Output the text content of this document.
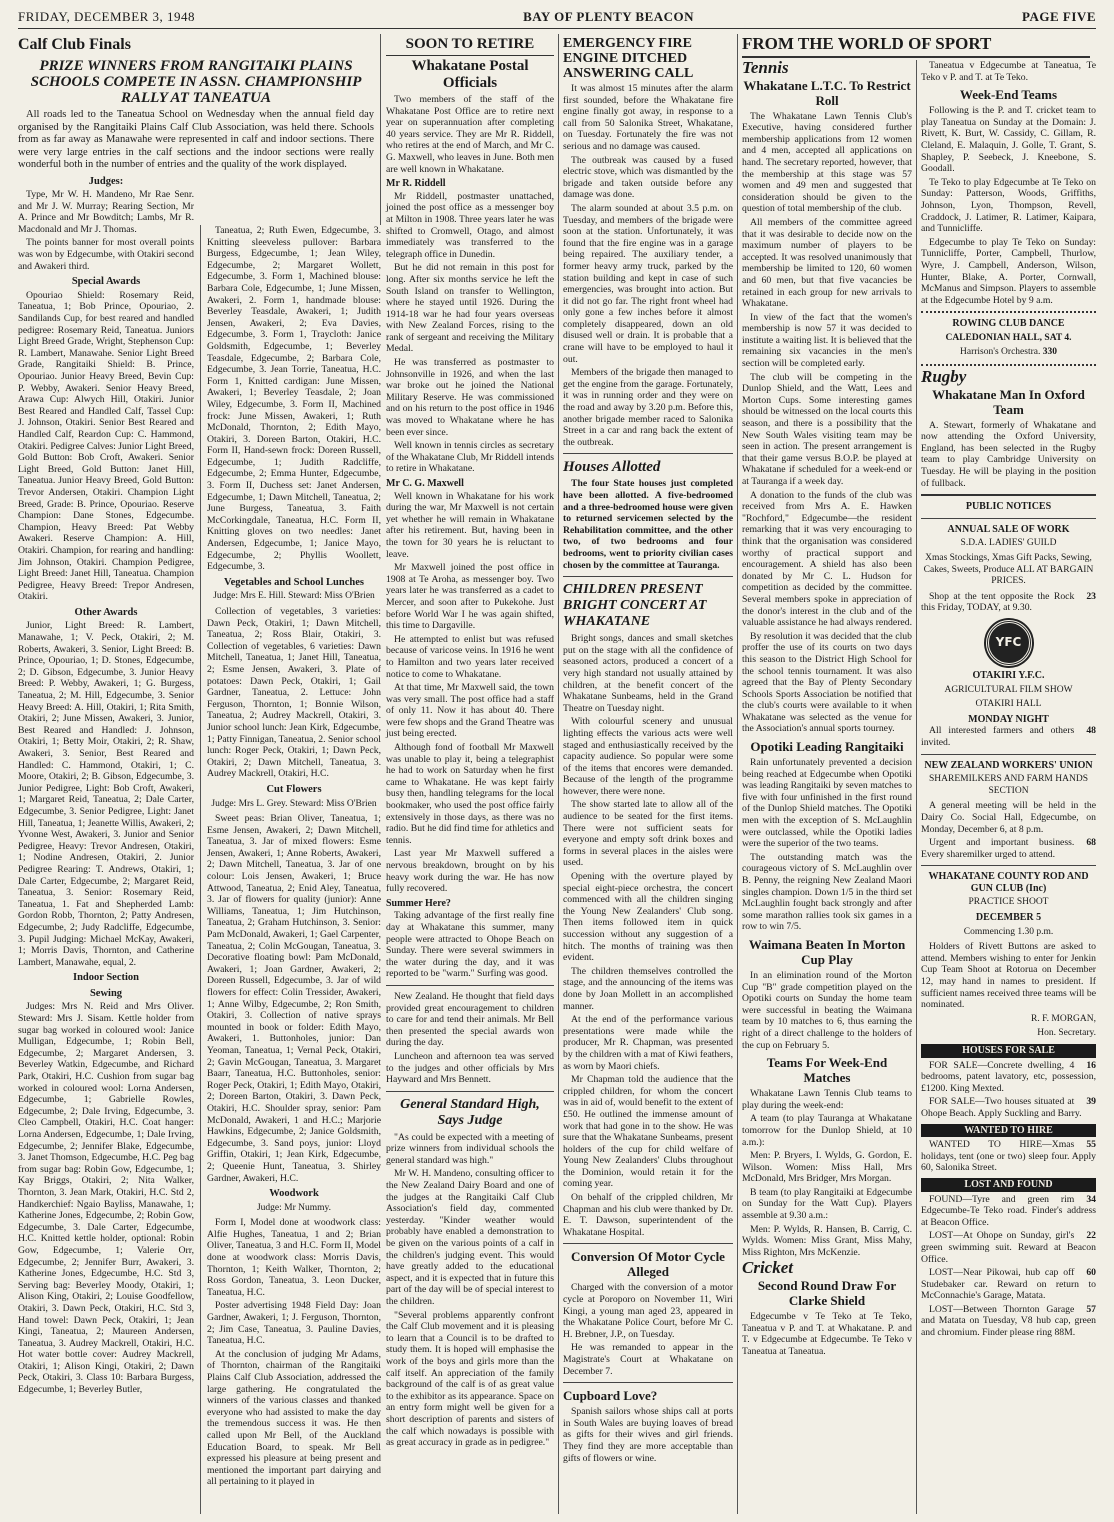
FRIDAY, DECEMBER 3, 1948	BAY OF PLENTY BEACON	PAGE FIVE
Calf Club Finals
PRIZE WINNERS FROM RANGITAIKI PLAINS SCHOOLS COMPETE IN ASSN. CHAMPIONSHIP RALLY AT TANEATUA

All roads led to the Taneatua School on Wednesday when the annual field day organised by the Rangitaiki Plains Calf Club Association, was held there. Schools from as far away as Manawahe were represented in calf and indoor sections. There were very large entries in the calf sections and the indoor sections were really wonderful both in the number of entries and the quality of the work displayed.

Judges:

Type, Mr W. H. Mandeno, Mr Rae Senr. and Mr J. W. Murray; Rearing Section, Mr A. Prince and Mr Bowditch; Lambs, Mr R. Macdonald and Mr J. Thomas.

The points banner for most overall points was won by Edgecumbe, with Otakiri second and Awakeri third.

Special Awards

Opouriao Shield: Rosemary Reid, Taneatua, 1; Bob Prince, Opouriao, 2. Sandilands Cup, for best reared and handled pedigree: Rosemary Reid, Taneatua. Juniors Light Breed Grade, Wright, Stephenson Cup: R. Lambert, Manawahe. Senior Light Breed Grade, Rangitaiki Shield: B. Prince, Opouriao. Junior Heavy Breed, Bevin Cup: P. Webby, Awakeri. Senior Heavy Breed, Arawa Cup: Alwych Hill, Otakiri. Junior Best Reared and Handled Calf, Tassel Cup: J. Johnson, Otakiri. Senior Best Reared and Handled Calf, Reardon Cup: C. Hammond, Otakiri. Pedigree Calves: Junior Light Breed, Gold Button: Bob Croft, Awakeri. Senior Light Breed, Gold Button: Janet Hill, Taneatua. Junior Heavy Breed, Gold Button: Trevor Andersen, Otakiri. Champion Light Breed, Grade: B. Prince, Opouriao. Reserve Champion: Dane Stones, Edgecumbe. Champion, Heavy Breed: Pat Webby Awakeri. Reserve Champion: A. Hill, Otakiri. Champion, for rearing and handling: Jim Johnson, Otakiri. Champion Pedigree, Light Breed: Janet Hill, Taneatua. Champion Pedigree, Heavy Breed: Trepor Andresen, Otakiri.

Other Awards

Junior, Light Breed: R. Lambert, Manawahe, 1; V. Peck, Otakiri, 2; M. Roberts, Awakeri, 3. Senior, Light Breed: B. Prince, Opouriao, 1; D. Stones, Edgecumbe, 2; D. Gibson, Edgecumbe, 3. Junior Heavy Breed: P. Webby, Awakeri, 1; G. Burgess, Taneatua, 2; M. Hill, Edgecumbe, 3. Senior Heavy Breed: A. Hill, Otakiri, 1; Rita Smith, Otakiri, 2; June Missen, Awakeri, 3. Junior, Best Reared and Handled: J. Johnson, Otakiri, 1; Betty Moir, Otakiri, 2; R. Shaw, Awakeri, 3. Senior, Best Reared and Handled: C. Hammond, Otakiri, 1; C. Moore, Otakiri, 2; B. Gibson, Edgecumbe, 3. Junior Pedigree, Light: Bob Croft, Awakeri, 1; Margaret Reid, Taneatua, 2; Dale Carter, Edgecumbe, 3. Senior Pedigree, Light: Janet Hill, Taneatua, 1; Jeanette Willis, Awakeri, 2; Yvonne West, Awakeri, 3. Junior and Senior Pedigree, Heavy: Trevor Andresen, Otakiri, 1; Nodine Andresen, Otakiri, 2. Junior Pedigree Rearing: T. Andrews, Otakiri, 1; Dale Carter, Edgecumbe, 2; Margaret Reid, Taneatua, 3. Senior: Rosemary Reid, Taneatua, 1. Fat and Shepherded Lamb: Gordon Robb, Thornton, 2; Patty Andresen, Edgecumbe, 2; Judy Radcliffe, Edgecumbe, 3. Pupil Judging: Michael McKay, Awakeri, 1; Morris Davis, Thornton, and Catherine Lambert, Manawahe, equal, 2.

Indoor Section
Sewing

Judges: Mrs N. Reid and Mrs Oliver. Steward: Mrs J. Sisam. Kettle holder from sugar bag worked in coloured wool: Janice Mulligan, Edgecumbe, 1; Robin Bell, Edgecumbe, 2; Margaret Andersen, 3. Beverley Watkin, Edgecumbe, and Richard Park, Otakiri, H.C. Cushion from sugar bag worked in coloured wool: Lorna Andersen, Edgecumbe, 1; Gabrielle Rowles, Edgecumbe, 2; Dale Irving, Edgecumbe, 3. Cleo Campbell, Otakiri, H.C. Coat hanger: Lorna Andersen, Edgecumbe, 1; Dale Irving, Edgecumbe, 2; Jennifer Blake, Edgecumbe, 3. Janet Thomson, Edgecumbe, H.C. Peg bag from sugar bag: Robin Gow, Edgecumbe, 1; Kay Briggs, Otakiri, 2; Nita Walker, Thornton, 3. Jean Mark, Otakiri, H.C. Std 2, Handkerchief: Ngaio Bayliss, Manawahe, 1; Katherine Jones, Edgecumbe, 2; Robin Gow, Edgecumbe, 3. Dale Carter, Edgecumbe, H.C. Knitted kettle holder, optional: Robin Gow, Edgecumbe, 1; Valerie Orr, Edgecumbe, 2; Jennifer Burr, Awakeri, 3. Katherine Jones, Edgecumbe, H.C. Std 3, Serving bag: Beverley Moody, Otakiri, 1; Alison King, Otakiri, 2; Louise Goodfellow, Otakiri, 3. Dawn Peck, Otakiri, H.C. Std 3, Hand towel: Dawn Peck, Otakiri, 1; Jean Kingi, Taneatua, 2; Maureen Andersen, Taneatua, 3. Audrey Mackrell, Otakiri, H.C. Hot water bottle cover: Audrey Mackrell, Otakiri, 1; Alison Kingi, Otakiri, 2; Dawn Peck, Otakiri, 3. Class 10: Barbara Burgess, Edgecumbe, 1; Beverley Butler,

SOON TO RETIRE
Whakatane Postal Officials

Two members of the staff of the Whakatane Post Office are to retire next year on superannuation after completing 40 years service. They are Mr R. Riddell, who retires at the end of March, and Mr C. G. Maxwell, who leaves in June. Both men are well known in Whakatane.

Mr R. Riddell

Mr Riddell, postmaster unattached, joined the post office as a messenger boy at Milton in 1908. Three years later he was shifted to Cromwell, Otago, and almost immediately was transferred to the telegraph office in Dunedin.

But he did not remain in this post for long. After six months service he left the South Island on transfer to Wellington, where he stayed until 1926. During the 1914-18 war he had four years overseas with New Zealand Forces, rising to the rank of sergeant and receiving the Military Medal.

He was transferred as postmaster to Johnsonville in 1926, and when the last war broke out he joined the National Military Reserve. He was commissioned and on his return to the post office in 1946 was moved to Whakatane where he has been ever since.

Well known in tennis circles as secretary of the Whakatane Club, Mr Riddell intends to retire in Whakatane.

Mr C. G. Maxwell

Well known in Whakatane for his work during the war, Mr Maxwell is not certain yet whether he will remain in Whakatane after his retirement. But, having been in the town for 30 years he is reluctant to leave.

Mr Maxwell joined the post office in 1908 at Te Aroha, as messenger boy. Two years later he was transferred as a cadet to Mercer, and soon after to Pukekohe. Just before World War I he was again shifted, this time to Dargaville.

He attempted to enlist but was refused because of varicose veins. In 1916 he went to Hamilton and two years later received notice to come to Whakatane.

At that time, Mr Maxwell said, the town was very small. The post office had a staff of only 11. Now it has about 40. There were few shops and the Grand Theatre was just being erected.

Although fond of football Mr Maxwell was unable to play it, being a telegraphist he had to work on Saturday when he first came to Whakatane. He was kept fairly busy then, handling telegrams for the local bookmaker, who used the post office fairly extensively in those days, as there was no radio. But he did find time for athletics and tennis.

Last year Mr Maxwell suffered a nervous breakdown, brought on by his heavy work during the war. He has now fully recovered.

Summer Here?

Taking advantage of the first really fine day at Whakatane this summer, many people were attracted to Ohope Beach on Sunday. There were several swimmers in the water during the day, and it was reported to be "warm." Surfing was good.

New Zealand. He thought that field days provided great encouragement to children to care for and tend their animals. Mr Bell then presented the special awards won during the day.

Luncheon and afternoon tea was served to the judges and other officials by Mrs Hayward and Mrs Bennett.

General Standard High, Says Judge

"As could be expected with a meeting of prize winners from individual schools the general standard was high."

Mr W. H. Mandeno, consulting officer to the New Zealand Dairy Board and one of the judges at the Rangitaiki Calf Club Association's field day, commented yesterday. "Kinder weather would probably have enabled a demonstration to be given on the various points of a calf in the children's judging event. This would have greatly added to the educational aspect, and it is expected that in future this part of the day will be of special interest to the children.

"Several problems apparently confront the Calf Club movement and it is pleasing to learn that a Council is to be drafted to study them. It is hoped will emphasise the work of the boys and girls more than the calf itself. An appreciation of the family background of the calf is of as great value to the exhibitor as its appearance. Space on an entry form might well be given for a short description of parents and sisters of the calf which nowadays is possible with as great accuracy in grade as in pedigree."

EMERGENCY FIRE ENGINE DITCHED ANSWERING CALL

It was almost 15 minutes after the alarm first sounded, before the Whakatane fire engine finally got away, in response to a call from 50 Salonika Street, Whakatane, on Tuesday. Fortunately the fire was not serious and no damage was caused.

The outbreak was caused by a fused electric stove, which was dismantled by the brigade and taken outside before any damage was done.

The alarm sounded at about 3.5 p.m. on Tuesday, and members of the brigade were soon at the station. Unfortunately, it was found that the fire engine was in a garage being repaired. The auxiliary tender, a former heavy army truck, parked by the station building and kept in case of such emergencies, was brought into action. But it did not go far. The right front wheel had only gone a few inches before it almost completely disappeared, down an old disused well or drain. It is probable that a crane will have to be employed to haul it out.

Members of the brigade then managed to get the engine from the garage. Fortunately, it was in running order and they were on the road and away by 3.20 p.m. Before this, another brigade member raced to Salonika Street in a car and rang back the extent of the outbreak.

Houses Allotted

The four State houses just completed have been allotted. A five-bedroomed and a three-bedroomed house were given to returned servicemen selected by the Rehabilitation committee, and the other two, of two bedrooms and four bedrooms, went to priority civilian cases chosen by the committee at Tauranga.

CHILDREN PRESENT BRIGHT CONCERT AT WHAKATANE

Bright songs, dances and small sketches put on the stage with all the confidence of seasoned actors, produced a concert of a very high standard not usually attained by children, at the benefit concert of the Whakatane Sunbeams, held in the Grand Theatre on Tuesday night.

With colourful scenery and unusual lighting effects the various acts were well staged and enthusiastically received by the capacity audience. So popular were some of the items that encores were demanded. Because of the length of the programme however, there were none.

The show started late to allow all of the audience to be seated for the first items. There were not sufficient seats for everyone and empty soft drink boxes and forms in several places in the aisles were used.

Opening with the overture played by special eight-piece orchestra, the concert commenced with all the children singing the Young New Zealanders' Club song. Then items followed item in quick succession without any suggestion of a hitch. The months of training was then evident.

The children themselves controlled the stage, and the announcing of the items was done by Joan Mollett in an accomplished manner.

At the end of the performance various presentations were made while the producer, Mr R. Chapman, was presented by the children with a mat of Kiwi feathers, as worn by Maori chiefs.

Mr Chapman told the audience that the crippled children, for whom the concert was in aid of, would benefit to the extent of £50. He outlined the immense amount of work that had gone in to the show. He was sure that the Whakatane Sunbeams, present holders of the cup for child welfare of Young New Zealanders' Clubs throughout the Dominion, would retain it for the coming year.

On behalf of the crippled children, Mr Chapman and his club were thanked by Dr. E. T. Dawson, superintendent of the Whakatane Hospital.

Conversion Of Motor Cycle Alleged

Charged with the conversion of a motor cycle at Poroporo on November 11, Wiri Kingi, a young man aged 23, appeared in the Whakatane Police Court, before Mr C. H. Brebner, J.P., on Tuesday.

He was remanded to appear in the Magistrate's Court at Whakatane on December 7.

Cupboard Love?

Spanish sailors whose ships call at ports in South Wales are buying loaves of bread as gifts for their wives and girl friends. They find they are more acceptable than gifts of flowers or wine.

FROM THE WORLD OF SPORT
Tennis
Whakatane L.T.C. To Restrict Roll

The Whakatane Lawn Tennis Club's Executive, having considered further membership applications from 12 women and 4 men, accepted all applications on hand. The secretary reported, however, that the membership at this stage was 57 women and 49 men and suggested that consideration should be given to the question of total membership of the club.

All members of the committee agreed that it was desirable to decide now on the maximum number of players to be accepted. It was resolved unanimously that membership be limited to 120, 60 women and 60 men, but that five vacancies be retained in each group for new arrivals to Whakatane.

In view of the fact that the women's membership is now 57 it was decided to institute a waiting list. It is believed that the remaining six vacancies in the men's section will be completed early.

The club will be competing in the Dunlop Shield, and the Watt, Lees and Morton Cups. Some interesting games should be witnessed on the local courts this season, and there is a possibility that the New South Wales visiting team may be seen in action. The present arrangement is that their game versus B.O.P. be played at Whakatane if scheduled for a week-end or at Tauranga if a week day.

A donation to the funds of the club was received from Mrs A. E. Hawken "Rochford," Edgecumbe—the resident remarking that it was very encouraging to think that the organisation was considered worthy of practical support and encouragement. A shield has also been donated by Mr C. L. Hudson for competition as decided by the committee. Several members spoke in appreciation of the donor's interest in the club and of the valuable assistance he had always rendered.

By resolution it was decided that the club proffer the use of its courts on two days this season to the District High School for the school tennis tournament. It was also agreed that the Bay of Plenty Secondary Schools Sports Association be notified that the club's courts were available to it when Whakatane was selected as the venue for the Association's annual sports tourney.

Opotiki Leading Rangitaiki

Rain unfortunately prevented a decision being reached at Edgecumbe when Opotiki was leading Rangitaiki by seven matches to five with four unfinished in the first round of the Dunlop Shield matches. The Opotiki men with the exception of S. McLaughlin were outclassed, while the Opotiki ladies were the superior of the two teams.

The outstanding match was the courageous victory of S. McLaughlin over B. Penny, the reigning New Zealand Maori singles champion. Down 1/5 in the third set McLaughlin fought back strongly and after some marathon rallies took six games in a row to win 7/5.

Waimana Beaten In Morton Cup Play

In an elimination round of the Morton Cup "B" grade competition played on the Opotiki courts on Sunday the home team were successful in beating the Waimana team by 10 matches to 6, thus earning the right of a direct challenge to the holders of the cup on February 5.

Teams For Week-End Matches

Whakatane Lawn Tennis Club teams to play during the week-end:

A team (to play Tauranga at Whakatane tomorrow for the Dunlop Shield, at 10 a.m.):

Men: P. Bryers, I. Wylds, G. Gordon, E. Wilson. Women: Miss Hall, Mrs McDonald, Mrs Bridger, Mrs Morgan.

B team (to play Rangitaiki at Edgecumbe on Sunday for the Watt Cup). Players assemble at 9.30 a.m.:

Men: P. Wylds, R. Hansen, B. Carrig, C. Wylds. Women: Miss Grant, Miss Mahy, Miss Righton, Mrs McKenzie.

Cricket
Second Round Draw For Clarke Shield

Edgecumbe v Te Teko at Te Teko, Taneatua v P. and T. at Whakatane. P. and T. v Edgecumbe at Edgecumbe. Te Teko v Taneatua at Taneatua.

Taneatua v Edgecumbe at Taneatua, Te Teko v P. and T. at Te Teko.

Week-End Teams

Following is the P. and T. cricket team to play Taneatua on Sunday at the Domain: J. Rivett, K. Burt, W. Cassidy, C. Gillam, R. Cleland, E. Malaquin, J. Golle, T. Grant, S. Shapley, P. Seebeck, J. Kneebone, S. Goodall.

Te Teko to play Edgecumbe at Te Teko on Sunday: Patterson, Woods, Griffiths, Johnson, Lyon, Thompson, Revell, Craddock, J. Latimer, R. Latimer, Kaipara, and Tunnicliffe.

Edgecumbe to play Te Teko on Sunday: Tunnicliffe, Porter, Campbell, Thurlow, Wyre, J. Campbell, Anderson, Wilson, Hunter, Blake, A. Porter, Cornwall, McManus and Simpson. Players to assemble at the Edgecumbe Hotel by 9 a.m.

ROWING CLUB DANCE
CALEDONIAN HALL, SAT 4.
Harrison's Orchestra. 330
Rugby
Whakatane Man In Oxford Team

A. Stewart, formerly of Whakatane and now attending the Oxford University, England, has been selected in the Rugby team to play Cambridge University on Tuesday. He will be playing in the position of fullback.

PUBLIC NOTICES
ANNUAL SALE OF WORK
S.D.A. LADIES' GUILD
Xmas Stockings, Xmas Gift Packs, Sewing, Cakes, Sweets, Produce ALL AT BARGAIN PRICES.

23
Shop at the tent opposite the Rock this Friday, TODAY, at 9.30.

YFC
OTAKIRI Y.F.C.
AGRICULTURAL FILM SHOW
OTAKIRI HALL
MONDAY NIGHT

48
All interested farmers and others invited.

NEW ZEALAND WORKERS' UNION
SHAREMILKERS AND FARM HANDS SECTION

A general meeting will be held in the Dairy Co. Social Hall, Edgecumbe, on Monday, December 6, at 8 p.m.

68
Urgent and important business. Every sharemilker urged to attend.

WHAKATANE COUNTY ROD AND GUN CLUB (Inc)
PRACTICE SHOOT
DECEMBER 5
Commencing 1.30 p.m.

Holders of Rivett Buttons are asked to attend. Members wishing to enter for Jenkin Cup Team Shoot at Rotorua on December 12, may hand in names to president. If sufficient names received three teams will be nominated.

R. F. MORGAN,
Hon. Secretary.
HOUSES FOR SALE

16
FOR SALE—Concrete dwelling, 4 bedrooms, patent lavatory, etc, possession, £1200. King Mexted.

39
FOR SALE—Two houses situated at Ohope Beach. Apply Suckling and Barry.

WANTED TO HIRE

55
WANTED TO HIRE—Xmas holidays, tent (one or two) sleep four. Apply 60, Salonika Street.

LOST AND FOUND

34
FOUND—Tyre and green rim Edgecumbe-Te Teko road. Finder's address at Beacon Office.

22
LOST—At Ohope on Sunday, girl's green swimming suit. Reward at Beacon Office.

60
LOST—Near Pikowai, hub cap off Studebaker car. Reward on return to McConnachie's Garage, Matata.

57
LOST—Between Thornton Garage and Matata on Tuesday, V8 hub cap, green and chromium. Finder please ring 88M.

Taneatua, 2; Ruth Ewen, Edgecumbe, 3. Knitting sleeveless pullover: Barbara Burgess, Edgecumbe, 1; Jean Wiley, Edgecumbe, 2; Margaret Wollett, Edgecumbe, 3. Form 1, Machined blouse: Barbara Cole, Edgecumbe, 1; June Missen, Awakeri, 2. Form 1, handmade blouse: Beverley Teasdale, Awakeri, 1; Judith Jensen, Awakeri, 2; Eva Davies, Edgecumbe, 3. Form 1, Traycloth: Janice Goldsmith, Edgecumbe, 1; Beverley Teasdale, Edgecumbe, 2; Barbara Cole, Edgecumbe, 3. Jean Torrie, Taneatua, H.C. Form 1, Knitted cardigan: June Missen, Awakeri, 1; Beverley Teasdale, 2; Joan Wiley, Edgecumbe, 3. Form II, Machined frock: June Missen, Awakeri, 1; Ruth McDonald, Thornton, 2; Edith Mayo, Otakiri, 3. Doreen Barton, Otakiri, H.C. Form II, Hand-sewn frock: Doreen Russell, Edgecumbe, 1; Judith Radcliffe, Edgecumbe, 2; Emma Hunter, Edgecumbe, 3. Form II, Duchess set: Janet Andersen, Edgecumbe, 1; Dawn Mitchell, Taneatua, 2; June Burgess, Taneatua, 3. Faith McCorkingdale, Taneatua, H.C. Form II, Knitting gloves on two needles: Janet Andersen, Edgecumbe, 1; Janice Mayo, Edgecumbe, 2; Phyllis Woollett, Edgecumbe, 3.

Vegetables and School Lunches
Judge: Mrs E. Hill. Steward: Miss O'Brien

Collection of vegetables, 3 varieties: Dawn Peck, Otakiri, 1; Dawn Mitchell, Taneatua, 2; Ross Blair, Otakiri, 3. Collection of vegetables, 6 varieties: Dawn Mitchell, Taneatua, 1; Janet Hill, Taneatua, 2; Esme Jensen, Awakeri, 3. Plate of potatoes: Dawn Peck, Otakiri, 1; Gail Gardner, Taneatua, 2. Lettuce: John Ferguson, Thornton, 1; Bonnie Wilson, Taneatua, 2; Audrey Mackrell, Otakiri, 3. Junior school lunch: Jean Kirk, Edgecumbe, 1; Patty Finnigan, Taneatua, 2. Senior school lunch: Roger Peck, Otakiri, 1; Dawn Peck, Otakiri, 2; Dawn Mitchell, Taneatua, 3. Audrey Mackrell, Otakiri, H.C.

Cut Flowers
Judge: Mrs L. Grey. Steward: Miss O'Brien

Sweet peas: Brian Oliver, Taneatua, 1; Esme Jensen, Awakeri, 2; Dawn Mitchell, Taneatua, 3. Jar of mixed flowers: Esme Jensen, Awakeri, 1; Anne Roberts, Awakeri, 2; Dawn Mitchell, Taneatua, 3. Jar of one colour: Lois Jensen, Awakeri, 1; Bruce Attwood, Taneatua, 2; Enid Aley, Taneatua, 3. Jar of flowers for quality (junior): Anne Williams, Taneatua, 1; Jim Hutchinson, Taneatua, 2; Graham Hutchinson, 3. Senior: Pam McDonald, Awakeri, 1; Gael Carpenter, Taneatua, 2; Colin McGougan, Taneatua, 3. Decorative floating bowl: Pam McDonald, Awakeri, 1; Joan Gardner, Awakeri, 2; Doreen Russell, Edgecumbe, 3. Jar of wild flowers for effect: Colin Tressider, Awakeri, 1; Anne Wilby, Edgecumbe, 2; Ron Smith, Otakiri, 3. Collection of native sprays mounted in book or folder: Edith Mayo, Awakeri, 1. Buttonholes, junior: Dan Yeoman, Taneatua, 1; Vernal Peck, Otakiri, 2; Gavin McGougan, Taneatua, 3. Margaret Baarr, Taneatua, H.C. Buttonholes, senior: Roger Peck, Otakiri, 1; Edith Mayo, Otakiri, 2; Doreen Barton, Otakiri, 3. Dawn Peck, Otakiri, H.C. Shoulder spray, senior: Pam McDonald, Awakeri, 1 and H.C.; Marjorie Hawkins, Edgecumbe, 2; Janice Goldsmith, Edgecumbe, 3. Sand poys, junior: Lloyd Griffin, Otakiri, 1; Jean Kirk, Edgecumbe, 2; Queenie Hunt, Taneatua, 3. Shirley Gardner, Awakeri, H.C.

Woodwork
Judge: Mr Nummy.

Form I, Model done at woodwork class: Alfie Hughes, Taneatua, 1 and 2; Brian Oliver, Taneatua, 3 and H.C. Form II, Model done at woodwork class: Morris Davis, Thornton, 1; Keith Walker, Thornton, 2; Ross Gordon, Taneatua, 3. Leon Ducker, Taneatua, H.C.

Poster advertising 1948 Field Day: Joan Gardner, Awakeri, 1; J. Ferguson, Thornton, 2; Jim Case, Taneatua, 3. Pauline Davies, Taneatua, H.C.

At the conclusion of judging Mr Adams, of Thornton, chairman of the Rangitaiki Plains Calf Club Association, addressed the large gathering. He congratulated the winners of the various classes and thanked everyone who had assisted to make the day the tremendous success it was. He then called upon Mr Bell, of the Auckland Education Board, to speak. Mr Bell expressed his pleasure at being present and mentioned the important part dairying and all pertaining to it played in
